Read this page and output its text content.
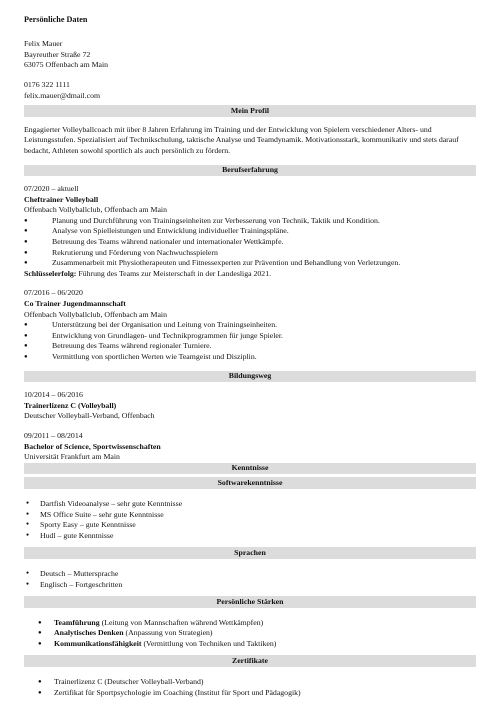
Persönliche Daten
Felix Mauer
Bayreuther Straße 72
63075 Offenbach am Main
0176 322 1111
felix.mauer@dmail.com
Mein Profil

Engagierter Volleyballcoach mit über 8 Jahren Erfahrung im Training und der Entwicklung von Spielern verschiedener Alters- und Leistungsstufen. Spezialisiert auf Technikschulung, taktische Analyse und Teamdynamik. Motivationsstark, kommunikativ und stets darauf bedacht, Athleten sowohl sportlich als auch persönlich zu fördern.

Berufserfahrung
07/2020 – aktuell
Cheftrainer Volleyball
Offenbach Vollyballclub, Offenbach am Main
●	Planung und Durchführung von Trainingseinheiten zur Verbesserung von Technik, Taktik und Kondition.
●	Analyse von Spielleistungen und Entwicklung individueller Trainingspläne.
●	Betreuung des Teams während nationaler und internationaler Wettkämpfe.
●	Rekrutierung und Förderung von Nachwuchsspielern
●	Zusammenarbeit mit Physiotherapeuten und Fitnessexperten zur Prävention und Behandlung von Verletzungen.
Schlüsselerfolg: Führung des Teams zur Meisterschaft in der Landesliga 2021.
07/2016 – 06/2020
Co Trainer Jugendmannschaft
Offenbach Vollyballclub, Offenbach am Main
●	Unterstützung bei der Organisation und Leitung von Trainingseinheiten.
●	Entwicklung von Grundlagen- und Technikprogrammen für junge Spieler.
●	Betreuung des Teams während regionaler Turniere.
●	Vermittlung von sportlichen Werten wie Teamgeist und Disziplin.
Bildungsweg
10/2014 – 06/2016
Trainerlizenz C (Volleyball)
Deutscher Volleyball-Verband, Offenbach
09/2011 – 08/2014
Bachelor of Science, Sportwissenschaften
Universität Frankfurt am Main
Kenntnisse
Softwarekenntnisse
● Dartfish Videoanalyse – sehr gute Kenntnisse
● MS Office Suite – sehr gute Kenntnisse
● Sporty Easy – gute Kenntnisse
● Hudl – gute Kenntnisse
Sprachen
● Deutsch – Muttersprache
● Englisch – Fortgeschritten
Persönliche Stärken
● Teamführung (Leitung von Mannschaften während Wettkämpfen)
● Analytisches Denken (Anpassung von Strategien)
● Kommunikationsfähigkeit (Vermittlung von Techniken und Taktiken)
Zertifikate
● Trainerlizenz C (Deutscher Volleyball-Verband)
● Zertifikat für Sportpsychologie im Coaching (Institut für Sport und Pädagogik)
